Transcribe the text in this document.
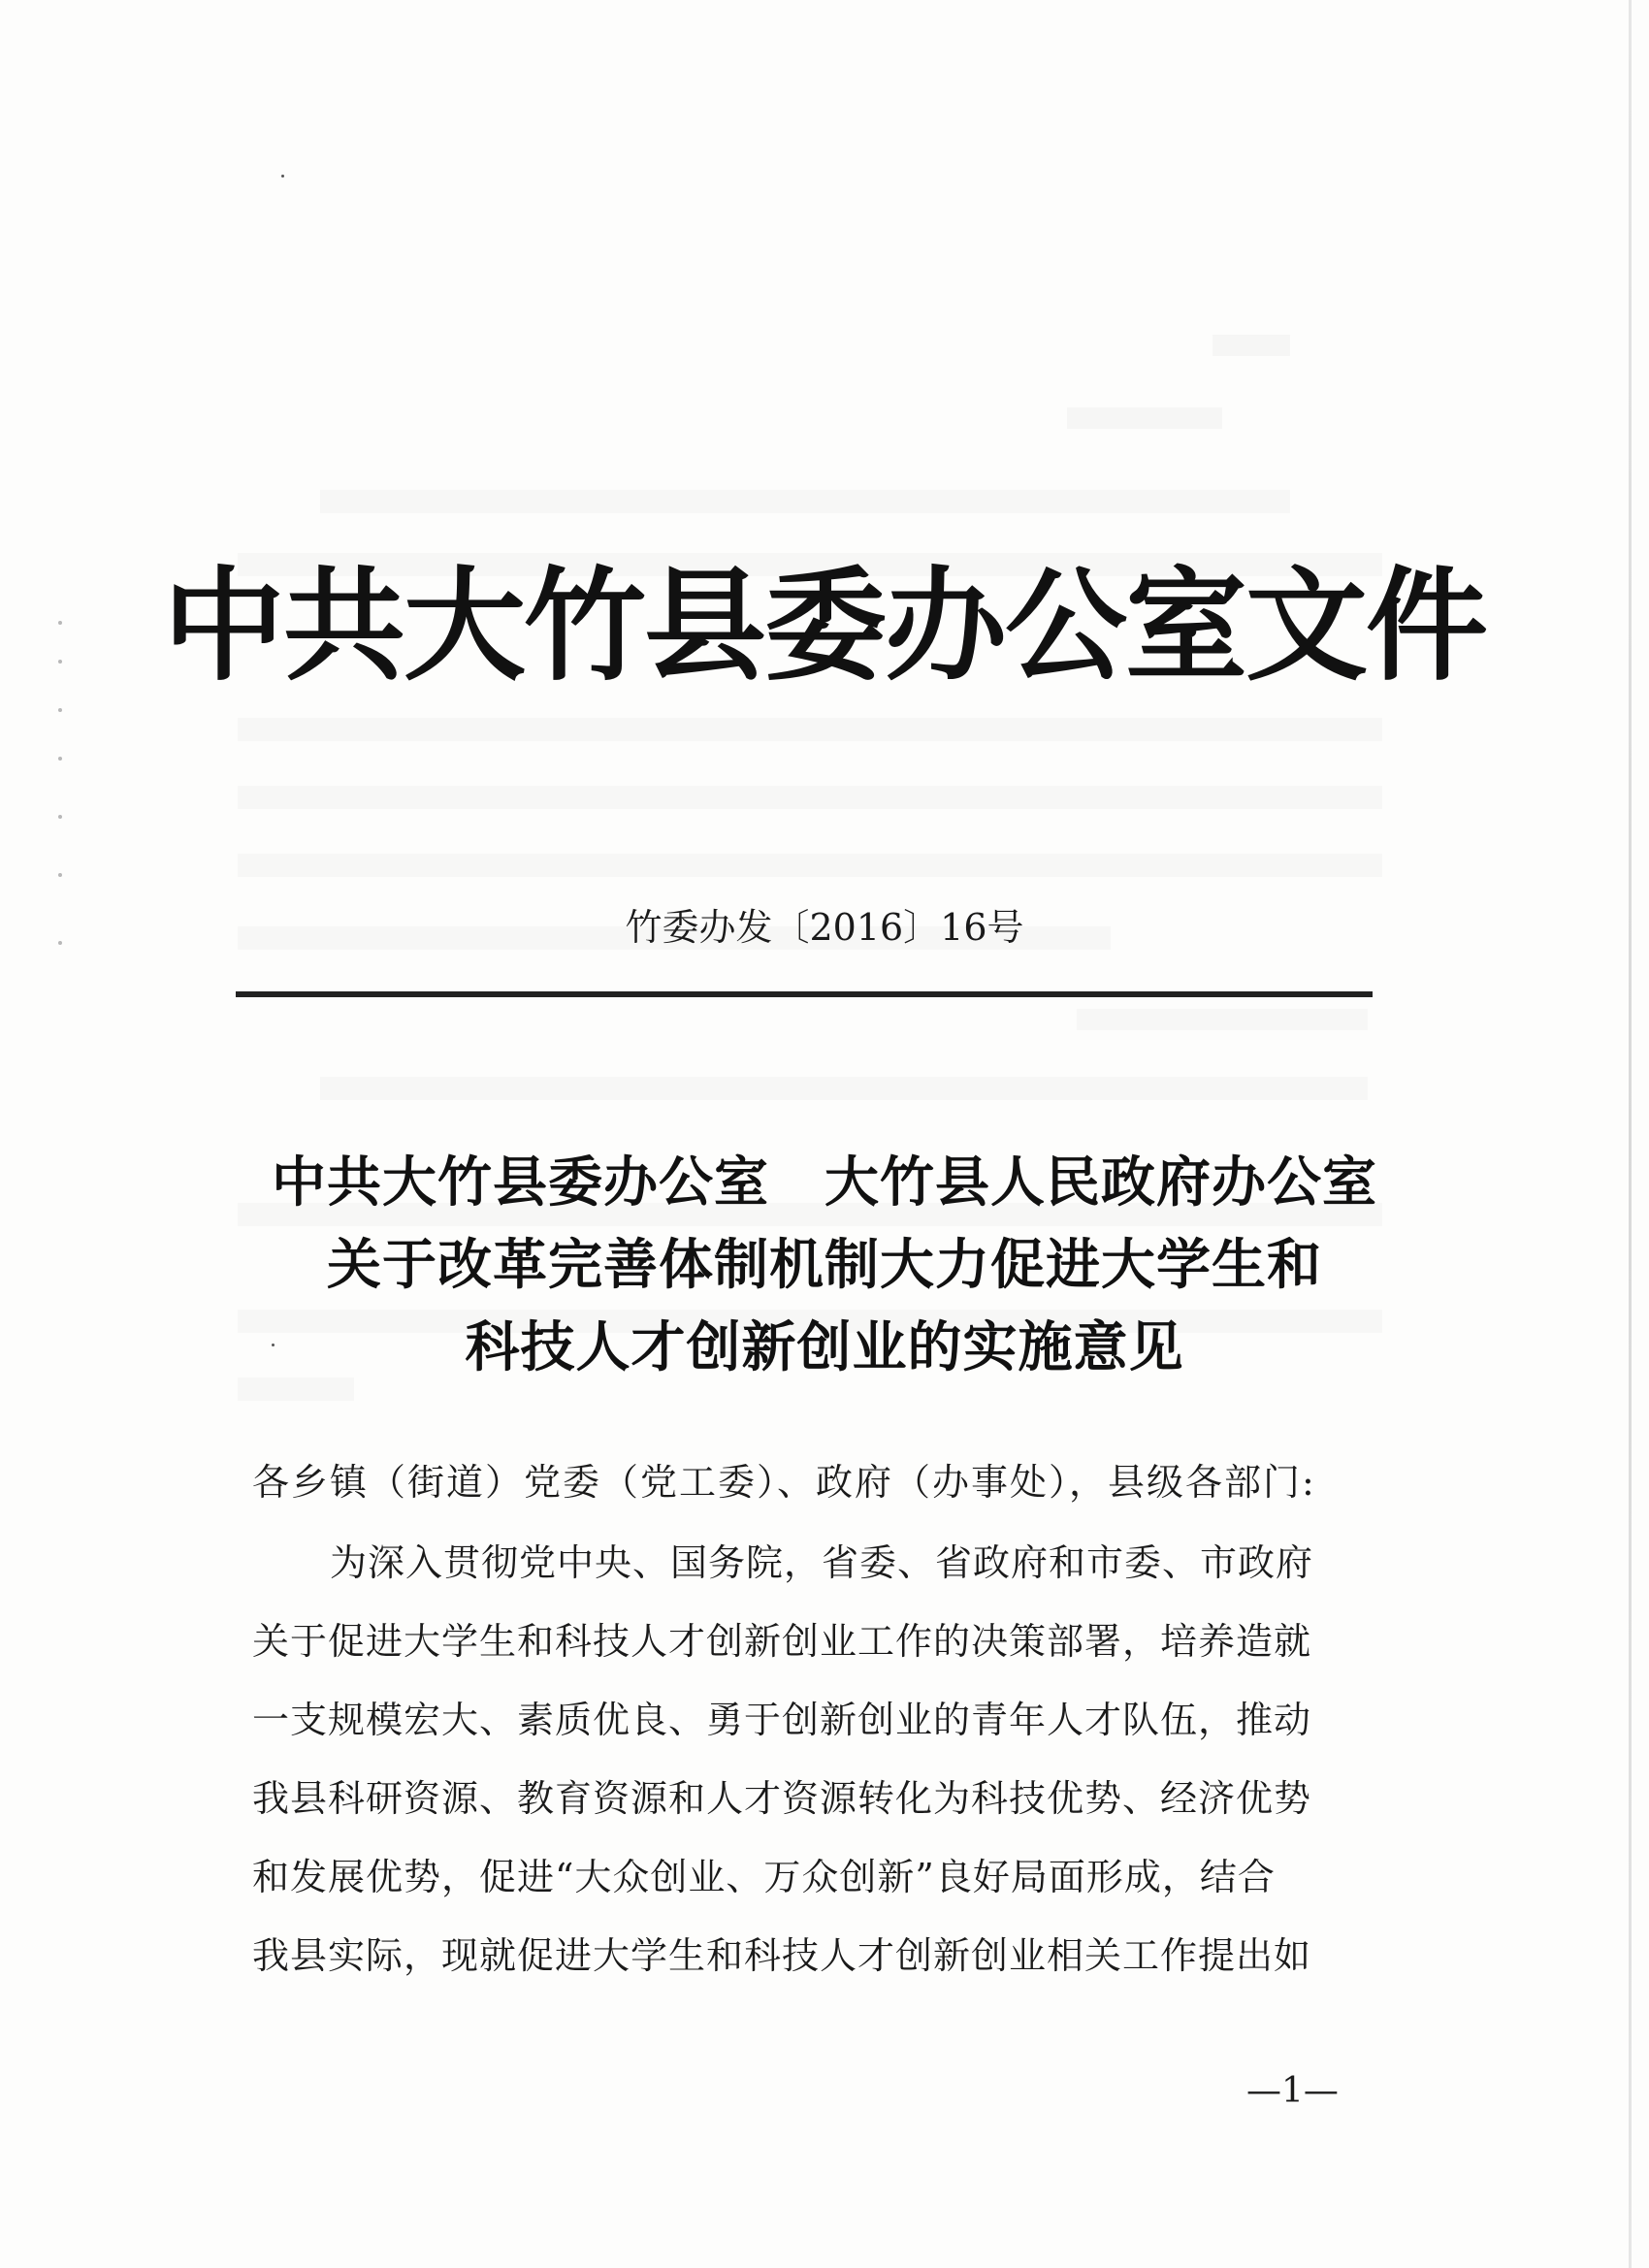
中共大竹县委办公室文件
竹委办发〔2016〕16号
中共大竹县委办公室　大竹县人民政府办公室
关于改革完善体制机制大力促进大学生和
科技人才创新创业的实施意见
各乡镇（街道）党委（党工委）、政府（办事处），县级各部门:
为深入贯彻党中央、国务院，省委、省政府和市委、市政府
关于促进大学生和科技人才创新创业工作的决策部署，培养造就
一支规模宏大、素质优良、勇于创新创业的青年人才队伍，推动
我县科研资源、教育资源和人才资源转化为科技优势、经济优势
和发展优势，促进“大众创业、万众创新”良好局面形成，结合
我县实际，现就促进大学生和科技人才创新创业相关工作提出如
—1—
